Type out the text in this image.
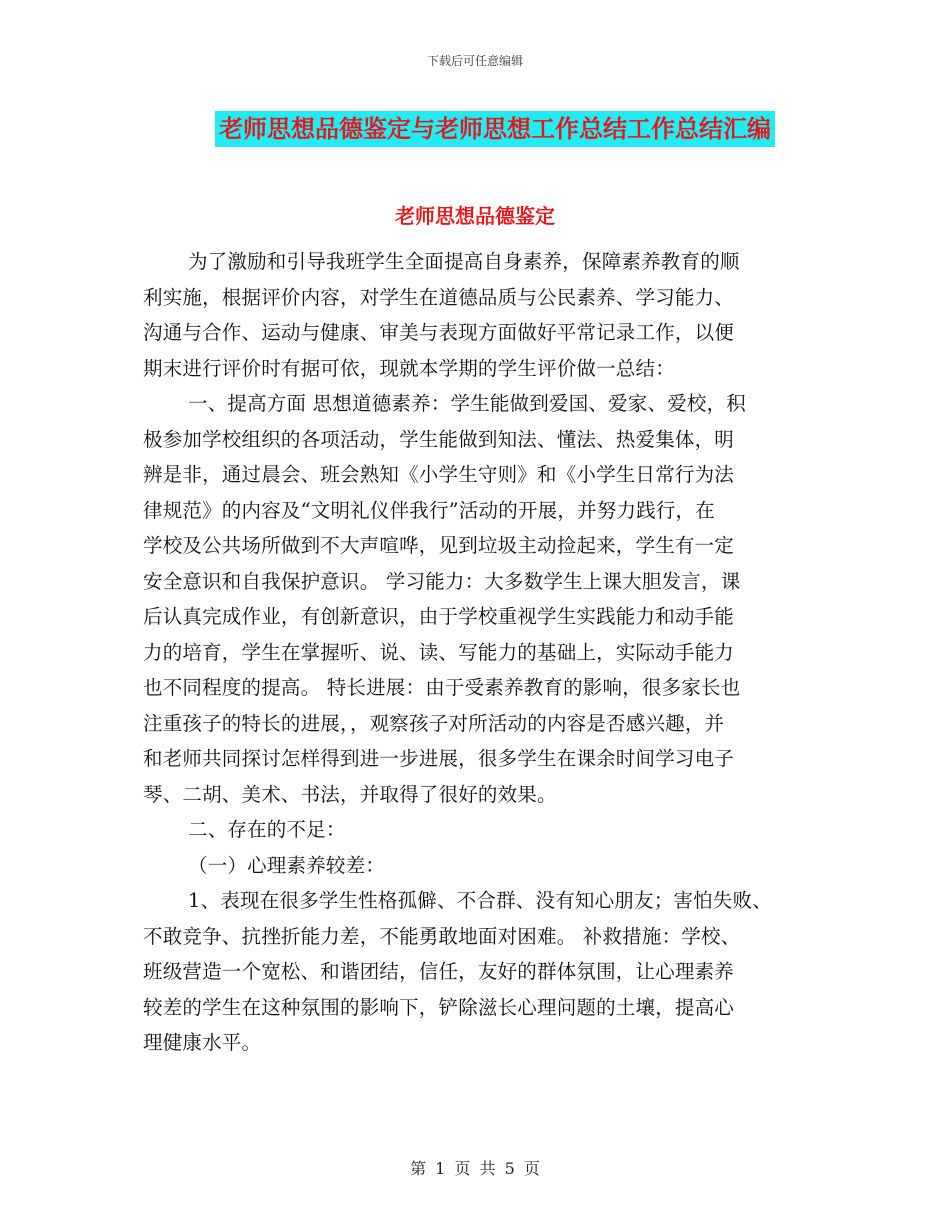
下载后可任意编辑
老师思想品德鉴定与老师思想工作总结工作总结汇编
老师思想品德鉴定
为了激励和引导我班学生全面提高自身素养，保障素养教育的顺
利实施，根据评价内容，对学生在道德品质与公民素养、学习能力、
沟通与合作、运动与健康、审美与表现方面做好平常记录工作，以便
期末进行评价时有据可依，现就本学期的学生评价做一总结：
一、提高方面 思想道德素养：学生能做到爱国、爱家、爱校，积
极参加学校组织的各项活动，学生能做到知法、懂法、热爱集体，明
辨是非，通过晨会、班会熟知《小学生守则》和《小学生日常行为法
律规范》的内容及“文明礼仪伴我行”活动的开展，并努力践行，在
学校及公共场所做到不大声喧哗，见到垃圾主动捡起来，学生有一定
安全意识和自我保护意识。 学习能力：大多数学生上课大胆发言，课
后认真完成作业，有创新意识，由于学校重视学生实践能力和动手能
力的培育，学生在掌握听、说、读、写能力的基础上，实际动手能力
也不同程度的提高。 特长进展：由于受素养教育的影响，很多家长也
注重孩子的特长的进展，，观察孩子对所活动的内容是否感兴趣，并
和老师共同探讨怎样得到进一步进展，很多学生在课余时间学习电子
琴、二胡、美术、书法，并取得了很好的效果。
二、存在的不足：
（一）心理素养较差：
1、表现在很多学生性格孤僻、不合群、没有知心朋友；害怕失败、
不敢竞争、抗挫折能力差，不能勇敢地面对困难。 补救措施：学校、
班级营造一个宽松、和谐团结，信任，友好的群体氛围，让心理素养
较差的学生在这种氛围的影响下，铲除滋长心理问题的土壤，提高心
理健康水平。
第 1 页 共 5 页
